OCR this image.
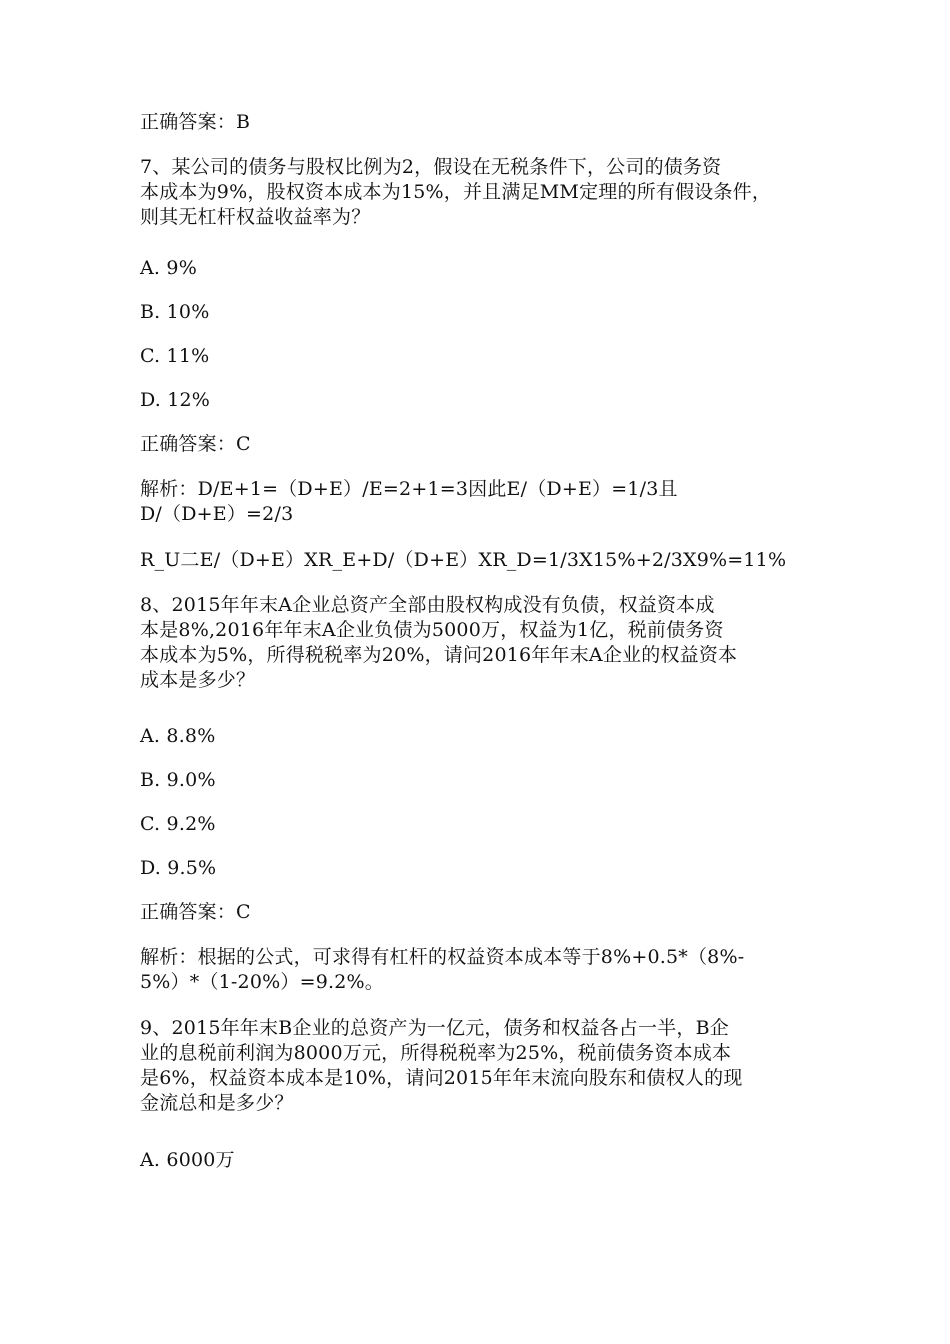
正确答案：B
7、某公司的债务与股权比例为2，假设在无税条件下，公司的债务资
本成本为9%，股权资本成本为15%，并且满足MM定理的所有假设条件，
则其无杠杆权益收益率为？
A. 9%
B. 10%
C. 11%
D. 12%
正确答案：C
解析：D/E+1=（D+E）/E=2+1=3因此E/（D+E）=1/3且
D/（D+E）=2/3
R_U二E/（D+E）XR_E+D/（D+E）XR_D=1/3X15%+2/3X9%=11%
8、2015年年末A企业总资产全部由股权构成没有负债，权益资本成
本是8%,2016年年末A企业负债为5000万，权益为1亿，税前债务资
本成本为5%，所得税税率为20%，请问2016年年末A企业的权益资本
成本是多少？
A. 8.8%
B. 9.0%
C. 9.2%
D. 9.5%
正确答案：C
解析：根据的公式，可求得有杠杆的权益资本成本等于8%+0.5*（8%-
5%）*（1-20%）=9.2%。
9、2015年年末B企业的总资产为一亿元，债务和权益各占一半，B企
业的息税前利润为8000万元，所得税税率为25%，税前债务资本成本
是6%，权益资本成本是10%，请问2015年年末流向股东和债权人的现
金流总和是多少？
A. 6000万
